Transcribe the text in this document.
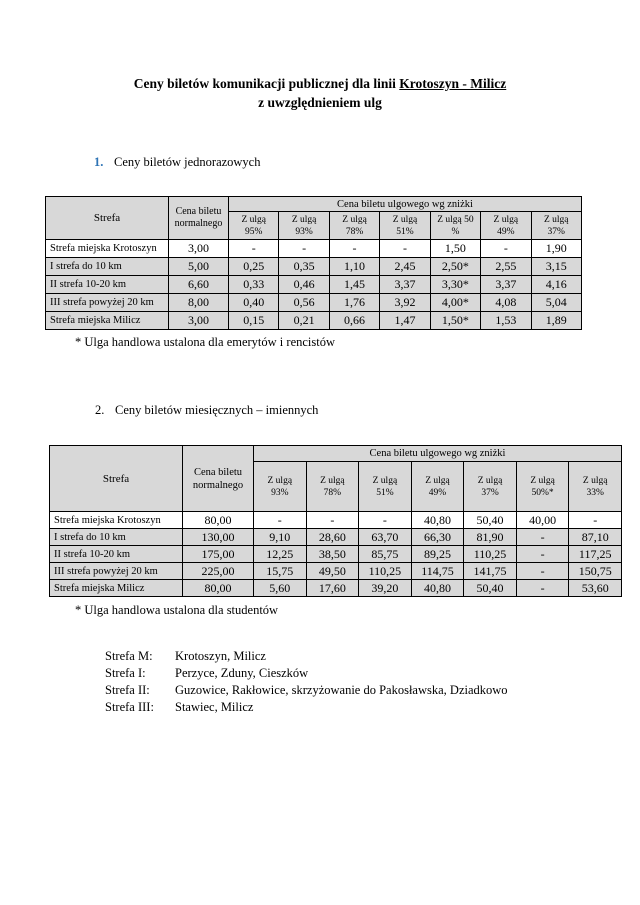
Ceny biletów komunikacji publicznej dla linii Krotoszyn - Milicz
z uwzględnieniem ulg
1. Ceny biletów jednorazowych
Strefa	Cena biletu normalnego	Cena biletu ulgowego wg zniżki						
		Z ulgą 95%	Z ulgą 93%	Z ulgą 78%	Z ulgą 51%	Z ulgą 50 %	Z ulgą 49%	Z ulgą 37%
Strefa miejska Krotoszyn	3,00	-	-	-	-	1,50	-	1,90
I strefa do 10 km	5,00	0,25	0,35	1,10	2,45	2,50*	2,55	3,15
II strefa 10-20 km	6,60	0,33	0,46	1,45	3,37	3,30*	3,37	4,16
III strefa powyżej 20 km	8,00	0,40	0,56	1,76	3,92	4,00*	4,08	5,04
Strefa miejska Milicz	3,00	0,15	0,21	0,66	1,47	1,50*	1,53	1,89
* Ulga handlowa ustalona dla emerytów i rencistów
2. Ceny biletów miesięcznych – imiennych
Strefa	Cena biletu normalnego	Cena biletu ulgowego wg zniżki						
		Z ulgą 93%	Z ulgą 78%	Z ulgą 51%	Z ulgą 49%	Z ulgą 37%	Z ulgą 50%*	Z ulgą 33%
Strefa miejska Krotoszyn	80,00	-	-	-	40,80	50,40	40,00	-
I strefa do 10 km	130,00	9,10	28,60	63,70	66,30	81,90	-	87,10
II strefa 10-20 km	175,00	12,25	38,50	85,75	89,25	110,25	-	117,25
III strefa powyżej 20 km	225,00	15,75	49,50	110,25	114,75	141,75	-	150,75
Strefa miejska Milicz	80,00	5,60	17,60	39,20	40,80	50,40	-	53,60
* Ulga handlowa ustalona dla studentów
Strefa M:	Krotoszyn, Milicz
Strefa I:	Perzyce, Zduny, Cieszków
Strefa II:	Guzowice, Rakłowice, skrzyżowanie do Pakosławska, Dziadkowo
Strefa III:	Stawiec, Milicz
